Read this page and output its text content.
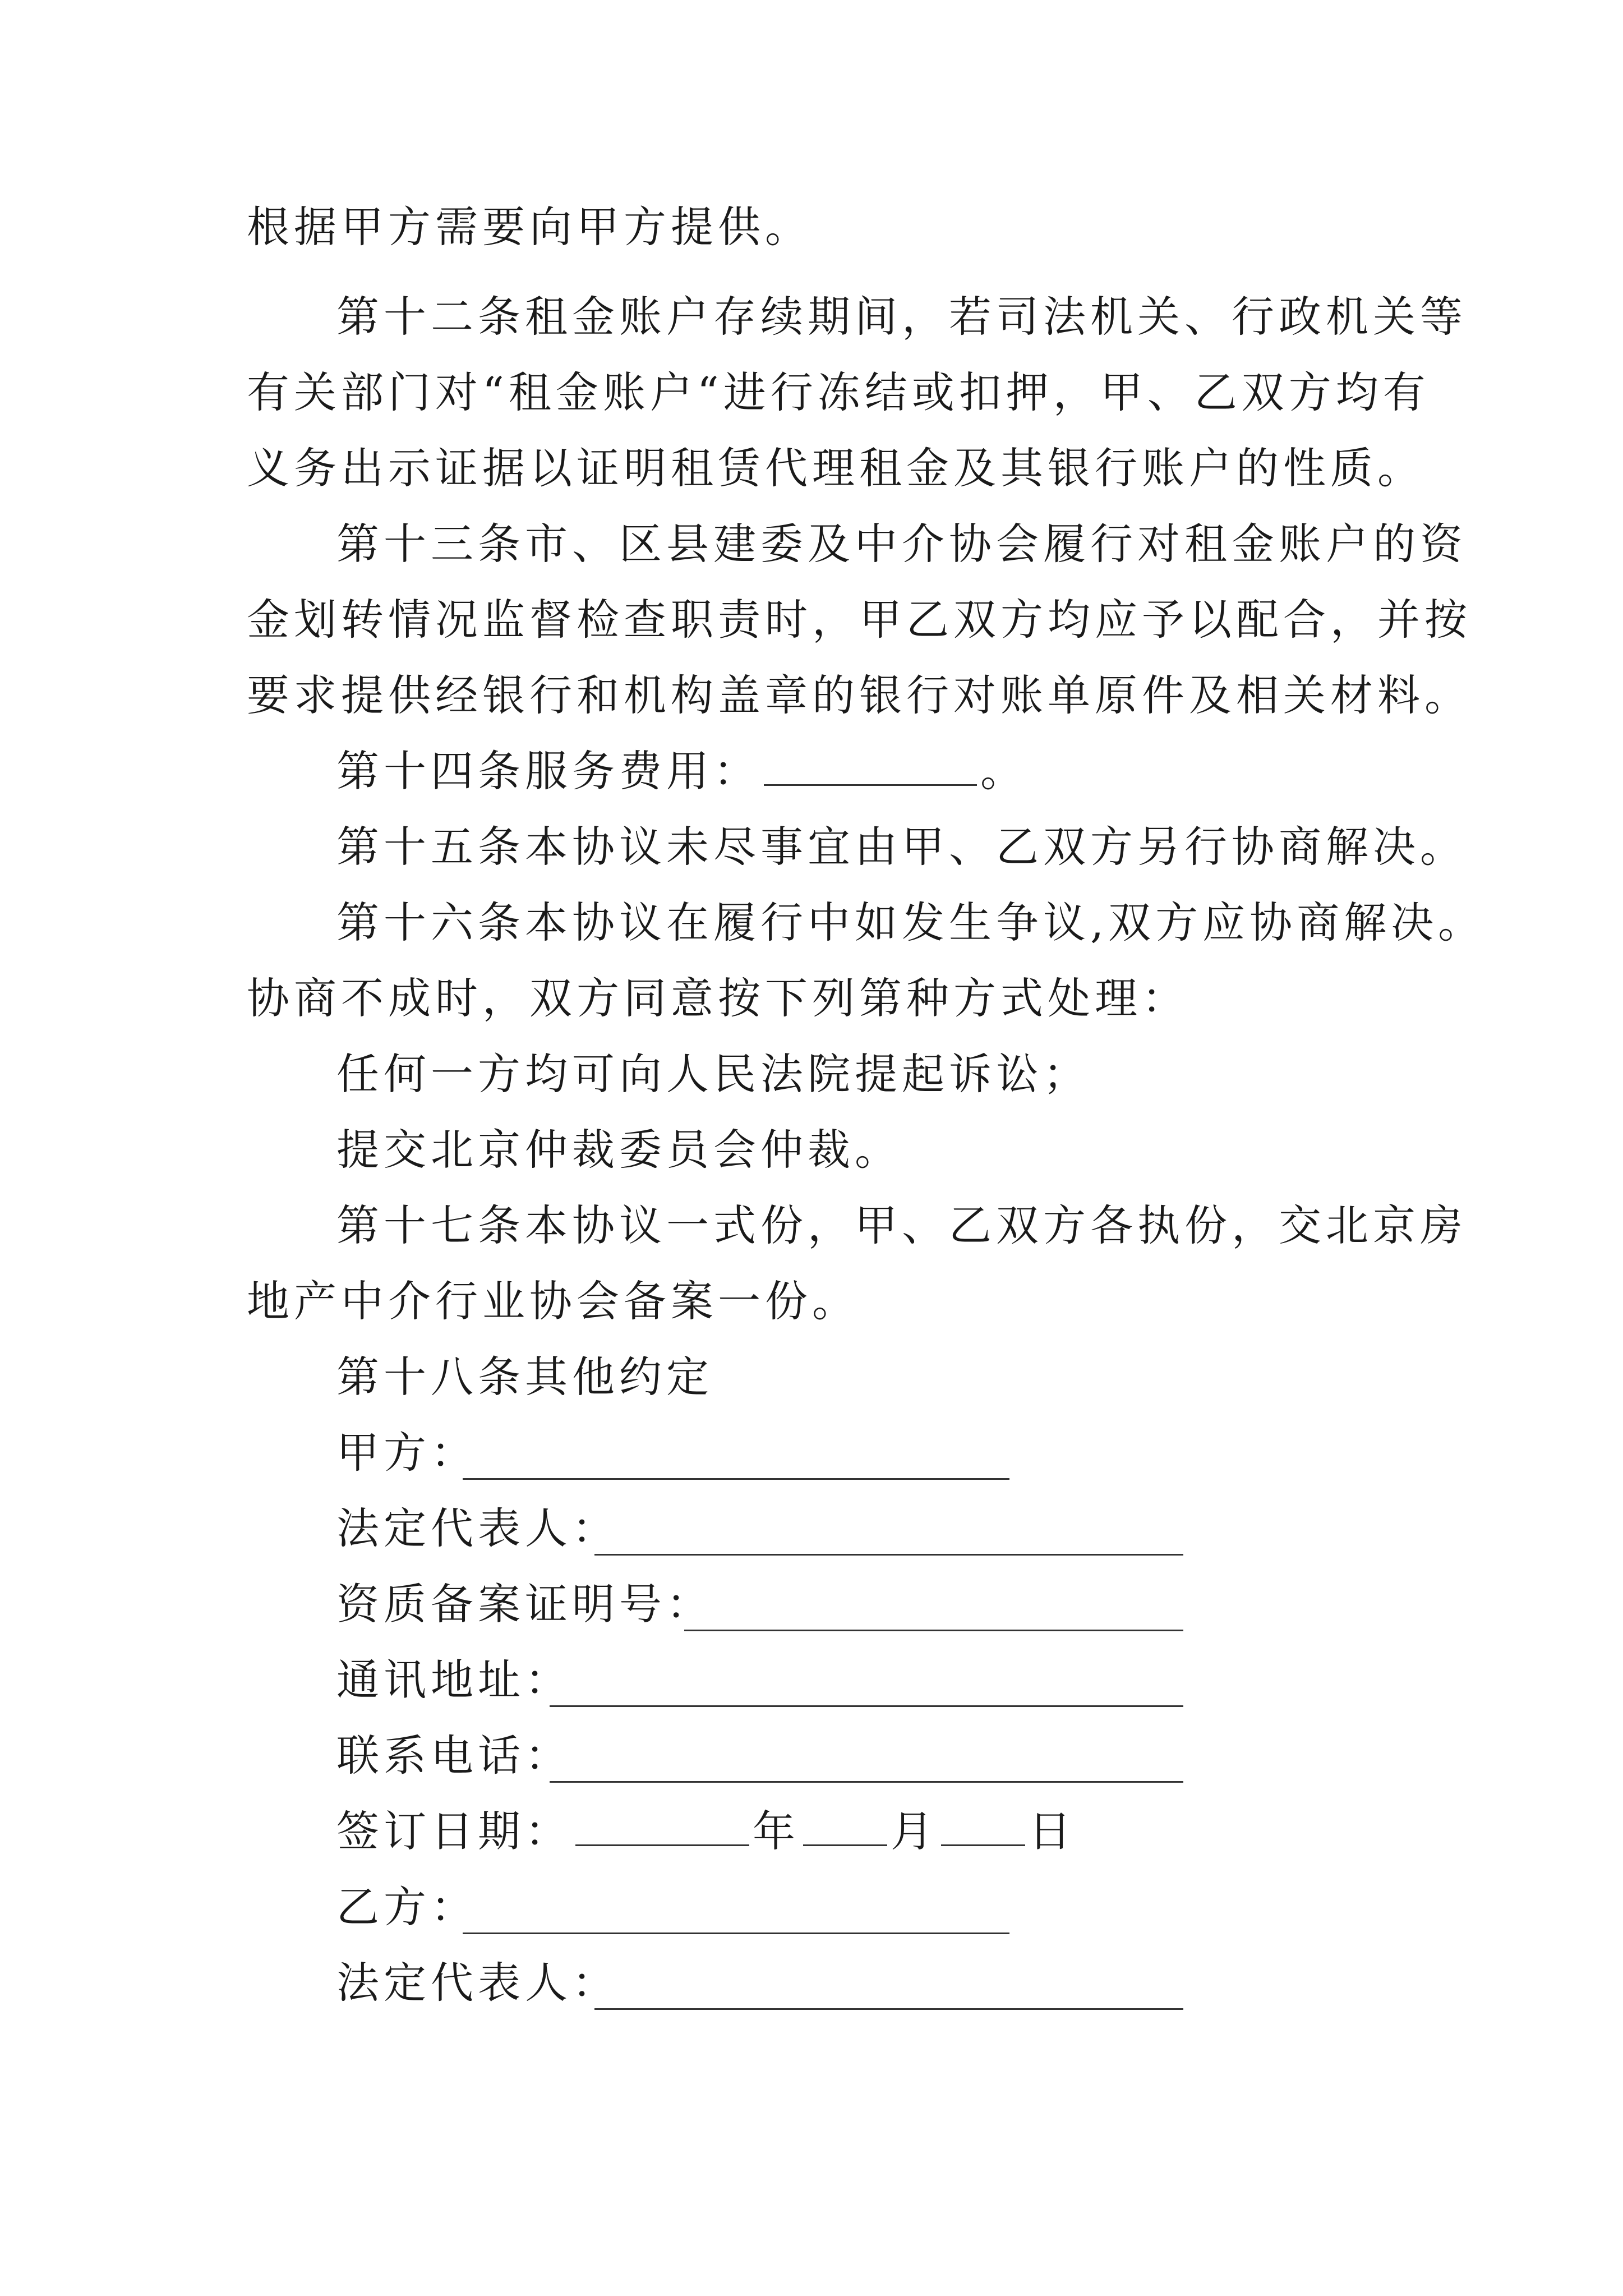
根据甲方需要向甲方提供。
第十二条租金账户存续期间，若司法机关、行政机关等
有关部门对“租金账户“进行冻结或扣押，甲、乙双方均有
义务出示证据以证明租赁代理租金及其银行账户的性质。
第十三条市、区县建委及中介协会履行对租金账户的资
金划转情况监督检查职责时，甲乙双方均应予以配合，并按
要求提供经银行和机构盖章的银行对账单原件及相关材料。
第十四条服务费用：	。
第十五条本协议未尽事宜由甲、乙双方另行协商解决。
第十六条本协议在履行中如发生争议,双方应协商解决。
协商不成时，双方同意按下列第种方式处理：
任何一方均可向人民法院提起诉讼；
提交北京仲裁委员会仲裁。
第十七条本协议一式份，甲、乙双方各执份，交北京房
地产中介行业协会备案一份。
第十八条其他约定
甲方：
法定代表人：
资质备案证明号：
通讯地址：
联系电话：
签订日期：	年 月 日
乙方：
法定代表人：
